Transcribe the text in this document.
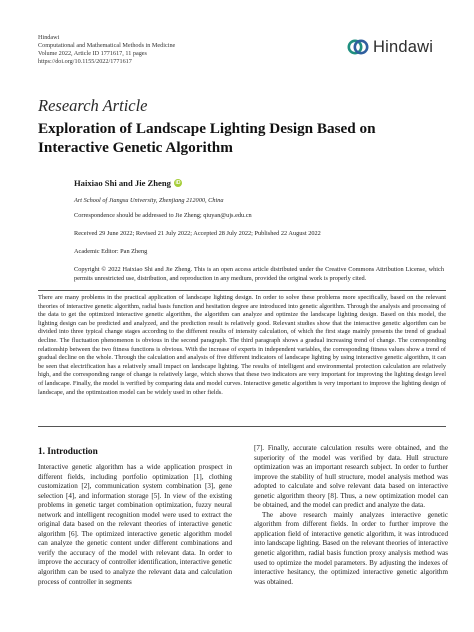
Hindawi
Computational and Mathematical Methods in Medicine
Volume 2022, Article ID 1771617, 11 pages
https://doi.org/10.1155/2022/1771617
Hindawi
Research Article
Exploration of Landscape Lighting Design Based on Interactive Genetic Algorithm
Haixiao Shi and Jie Zheng iD
Art School of Jiangsu University, Zhenjiang 212000, China
Correspondence should be addressed to Jie Zheng; qiuyan@ujs.edu.cn
Received 29 June 2022; Revised 21 July 2022; Accepted 28 July 2022; Published 22 August 2022
Academic Editor: Pan Zheng
Copyright © 2022 Haixiao Shi and Jie Zheng. This is an open access article distributed under the Creative Commons Attribution License, which permits unrestricted use, distribution, and reproduction in any medium, provided the original work is properly cited.
There are many problems in the practical application of landscape lighting design. In order to solve these problems more specifically, based on the relevant theories of interactive genetic algorithm, radial basis function and hesitation degree are introduced into genetic algorithm. Through the analysis and processing of the data to get the optimized interactive genetic algorithm, the algorithm can analyze and optimize the landscape lighting design. Based on this model, the lighting design can be predicted and analyzed, and the prediction result is relatively good. Relevant studies show that the interactive genetic algorithm can be divided into three typical change stages according to the different results of intensity calculation, of which the first stage mainly presents the trend of gradual decline. The fluctuation phenomenon is obvious in the second paragraph. The third paragraph shows a gradual increasing trend of change. The corresponding relationship between the two fitness functions is obvious. With the increase of experts in independent variables, the corresponding fitness values show a trend of gradual decline on the whole. Through the calculation and analysis of five different indicators of landscape lighting by using interactive genetic algorithm, it can be seen that electrification has a relatively small impact on landscape lighting. The results of intelligent and environmental protection calculation are relatively high, and the corresponding range of change is relatively large, which shows that these two indicators are very important for improving the lighting design level of landscape. Finally, the model is verified by comparing data and model curves. Interactive genetic algorithm is very important to improve the lighting design of landscape, and the optimization model can be widely used in other fields.
1. Introduction

Interactive genetic algorithm has a wide application prospect in different fields, including portfolio optimization [1], clothing customization [2], communication system combination [3], gene selection [4], and information storage [5]. In view of the existing problems in genetic target combination optimization, fuzzy neural network and intelligent recognition model were used to extract the original data based on the relevant theories of interactive genetic algorithm [6]. The optimized interactive genetic algorithm model can analyze the genetic content under different combinations and verify the accuracy of the model with relevant data. In order to improve the accuracy of controller identification, interactive genetic algorithm can be used to analyze the relevant data and calculation process of controller in segments

[7]. Finally, accurate calculation results were obtained, and the superiority of the model was verified by data. Hull structure optimization was an important research subject. In order to further improve the stability of hull structure, model analysis method was adopted to calculate and solve relevant data based on interactive genetic algorithm theory [8]. Thus, a new optimization model can be obtained, and the model can predict and analyze the data.

The above research mainly analyzes interactive genetic algorithm from different fields. In order to further improve the application field of interactive genetic algorithm, it was introduced into landscape lighting. Based on the relevant theories of interactive genetic algorithm, radial basis function proxy analysis method was used to optimize the model parameters. By adjusting the indexes of interactive hesitancy, the optimized interactive genetic algorithm was obtained.
